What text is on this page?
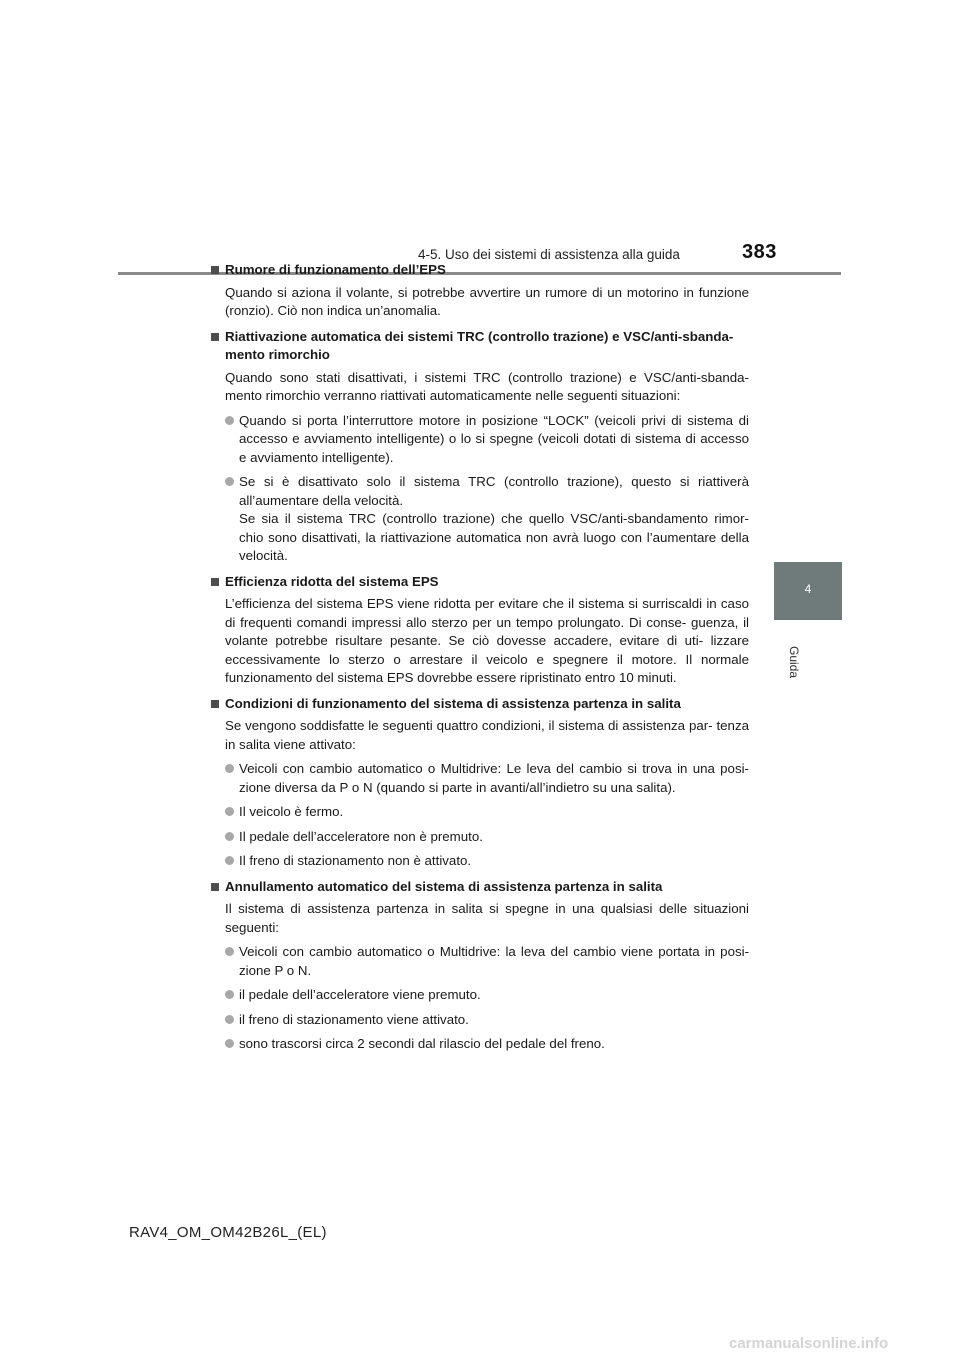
4-5. Uso dei sistemi di assistenza alla guida	383
4
Guida
Rumore di funzionamento dell’EPS
Quando si aziona il volante, si potrebbe avvertire un rumore di un motorino in funzione (ronzio). Ciò non indica un’anomalia.
Riattivazione automatica dei sistemi TRC (controllo trazione) e VSC/anti-sbanda- mento rimorchio
Quando sono stati disattivati, i sistemi TRC (controllo trazione) e VSC/anti-sbanda- mento rimorchio verranno riattivati automaticamente nelle seguenti situazioni:
Quando si porta l’interruttore motore in posizione “LOCK” (veicoli privi di sistema di accesso e avviamento intelligente) o lo si spegne (veicoli dotati di sistema di accesso e avviamento intelligente).
Se si è disattivato solo il sistema TRC (controllo trazione), questo si riattiverà all’aumentare della velocità.
Se sia il sistema TRC (controllo trazione) che quello VSC/anti-sbandamento rimor- chio sono disattivati, la riattivazione automatica non avrà luogo con l’aumentare della velocità.
Efficienza ridotta del sistema EPS
L’efficienza del sistema EPS viene ridotta per evitare che il sistema si surriscaldi in caso di frequenti comandi impressi allo sterzo per un tempo prolungato. Di conse- guenza, il volante potrebbe risultare pesante. Se ciò dovesse accadere, evitare di uti- lizzare eccessivamente lo sterzo o arrestare il veicolo e spegnere il motore. Il normale funzionamento del sistema EPS dovrebbe essere ripristinato entro 10 minuti.
Condizioni di funzionamento del sistema di assistenza partenza in salita
Se vengono soddisfatte le seguenti quattro condizioni, il sistema di assistenza par- tenza in salita viene attivato:
Veicoli con cambio automatico o Multidrive: Le leva del cambio si trova in una posi- zione diversa da P o N (quando si parte in avanti/all’indietro su una salita).
Il veicolo è fermo.
Il pedale dell’acceleratore non è premuto.
Il freno di stazionamento non è attivato.
Annullamento automatico del sistema di assistenza partenza in salita
Il sistema di assistenza partenza in salita si spegne in una qualsiasi delle situazioni seguenti:
Veicoli con cambio automatico o Multidrive: la leva del cambio viene portata in posi- zione P o N.
il pedale dell’acceleratore viene premuto.
il freno di stazionamento viene attivato.
sono trascorsi circa 2 secondi dal rilascio del pedale del freno.
RAV4_OM_OM42B26L_(EL)
carmanualsonline.info
